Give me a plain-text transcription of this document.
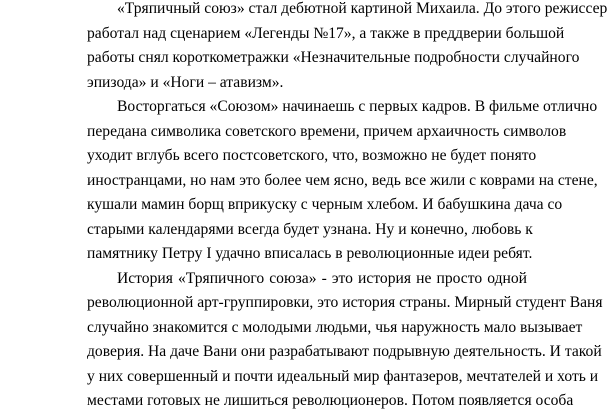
«Тряпичный союз» стал дебютной картиной Михаила. До этого режиссер
работал над сценарием «Легенды №17», а также в преддверии большой
работы снял короткометражки «Незначительные подробности случайного
эпизода» и «Ноги – атавизм».

Восторгаться «Союзом» начинаешь с первых кадров. В фильме отлично
передана символика советского времени, причем архаичность символов
уходит вглубь всего постсоветского, что, возможно не будет понято
иностранцами, но нам это более чем ясно, ведь все жили с коврами на стене,
кушали мамин борщ вприкуску с черным хлебом. И бабушкина дача со
старыми календарями всегда будет узнана. Ну и конечно, любовь к
памятнику Петру I удачно вписалась в революционные идеи ребят.

История «Тряпичного союза» - это история не просто одной
революционной арт-группировки, это история страны. Мирный студент Ваня
случайно знакомится с молодыми людьми, чья наружность мало вызывает
доверия. На даче Вани они разрабатывают подрывную деятельность. И такой
у них совершенный и почти идеальный мир фантазеров, мечтателей и хоть и
местами готовых не лишиться революционеров. Потом появляется особа
